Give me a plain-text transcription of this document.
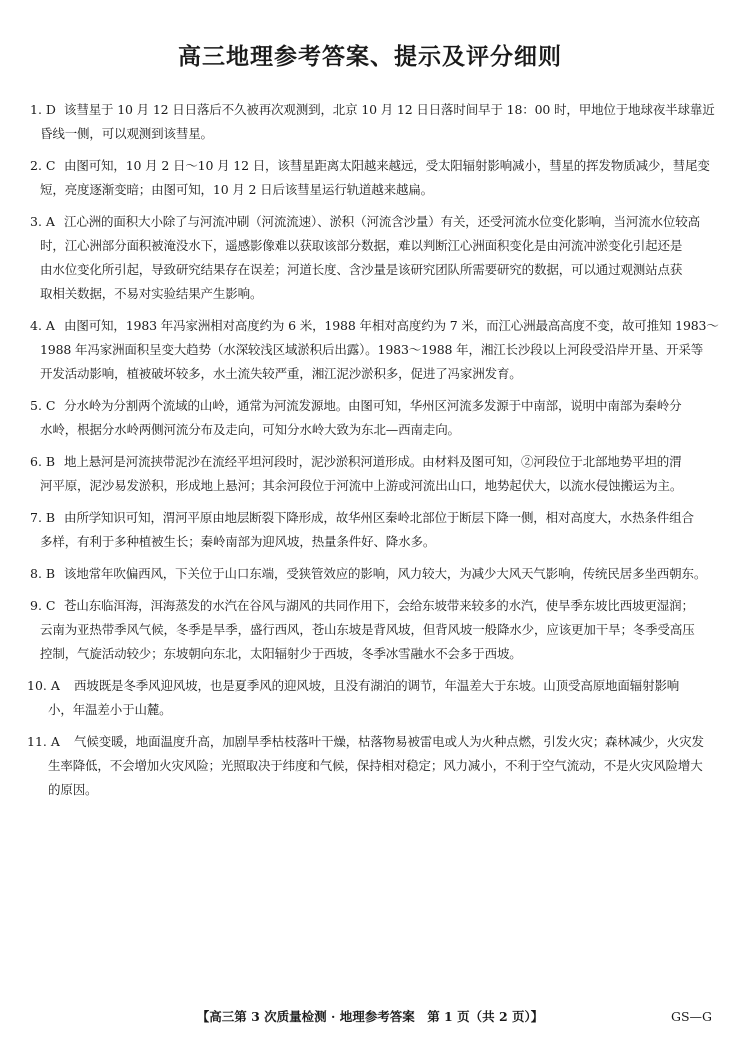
高三地理参考答案、提示及评分细则
1. D 该彗星于 10 月 12 日日落后不久被再次观测到，北京 10 月 12 日日落时间早于 18：00 时，甲地位于地球夜半球靠近
昏线一侧，可以观测到该彗星。
2. C 由图可知，10 月 2 日～10 月 12 日，该彗星距离太阳越来越远，受太阳辐射影响减小，彗星的挥发物质减少，彗尾变
短，亮度逐渐变暗；由图可知，10 月 2 日后该彗星运行轨道越来越扁。
3. A 江心洲的面积大小除了与河流冲刷（河流流速）、淤积（河流含沙量）有关，还受河流水位变化影响，当河流水位较高
时，江心洲部分面积被淹没水下，遥感影像难以获取该部分数据，难以判断江心洲面积变化是由河流冲淤变化引起还是
由水位变化所引起，导致研究结果存在误差；河道长度、含沙量是该研究团队所需要研究的数据，可以通过观测站点获
取相关数据，不易对实验结果产生影响。
4. A 由图可知，1983 年冯家洲相对高度约为 6 米，1988 年相对高度约为 7 米，而江心洲最高高度不变，故可推知 1983～
1988 年冯家洲面积呈变大趋势（水深较浅区域淤积后出露）。1983～1988 年，湘江长沙段以上河段受沿岸开垦、开采等
开发活动影响，植被破坏较多，水土流失较严重，湘江泥沙淤积多，促进了冯家洲发育。
5. C 分水岭为分割两个流域的山岭，通常为河流发源地。由图可知，华州区河流多发源于中南部，说明中南部为秦岭分
水岭，根据分水岭两侧河流分布及走向，可知分水岭大致为东北—西南走向。
6. B 地上悬河是河流挟带泥沙在流经平坦河段时，泥沙淤积河道形成。由材料及图可知，②河段位于北部地势平坦的渭
河平原，泥沙易发淤积，形成地上悬河；其余河段位于河流中上游或河流出山口，地势起伏大，以流水侵蚀搬运为主。
7. B 由所学知识可知，渭河平原由地层断裂下降形成，故华州区秦岭北部位于断层下降一侧，相对高度大，水热条件组合
多样，有利于多种植被生长；秦岭南部为迎风坡，热量条件好、降水多。
8. B 该地常年吹偏西风，下关位于山口东端，受狭管效应的影响，风力较大，为减少大风天气影响，传统民居多坐西朝东。
9. C 苍山东临洱海，洱海蒸发的水汽在谷风与湖风的共同作用下，会给东坡带来较多的水汽，使旱季东坡比西坡更湿润；
云南为亚热带季风气候，冬季是旱季，盛行西风，苍山东坡是背风坡，但背风坡一般降水少，应该更加干旱；冬季受高压
控制，气旋活动较少；东坡朝向东北，太阳辐射少于西坡，冬季冰雪融水不会多于西坡。
10. A	西坡既是冬季风迎风坡，也是夏季风的迎风坡，且没有湖泊的调节，年温差大于东坡。山顶受高原地面辐射影响
小，年温差小于山麓。
11. A	气候变暖，地面温度升高，加剧旱季枯枝落叶干燥，枯落物易被雷电或人为火种点燃，引发火灾；森林减少，火灾发
生率降低，不会增加火灾风险；光照取决于纬度和气候，保持相对稳定；风力减小，不利于空气流动，不是火灾风险增大
的原因。
【高三第 3 次质量检测 · 地理参考答案　第 1 页（共 2 页）】	GS—G
